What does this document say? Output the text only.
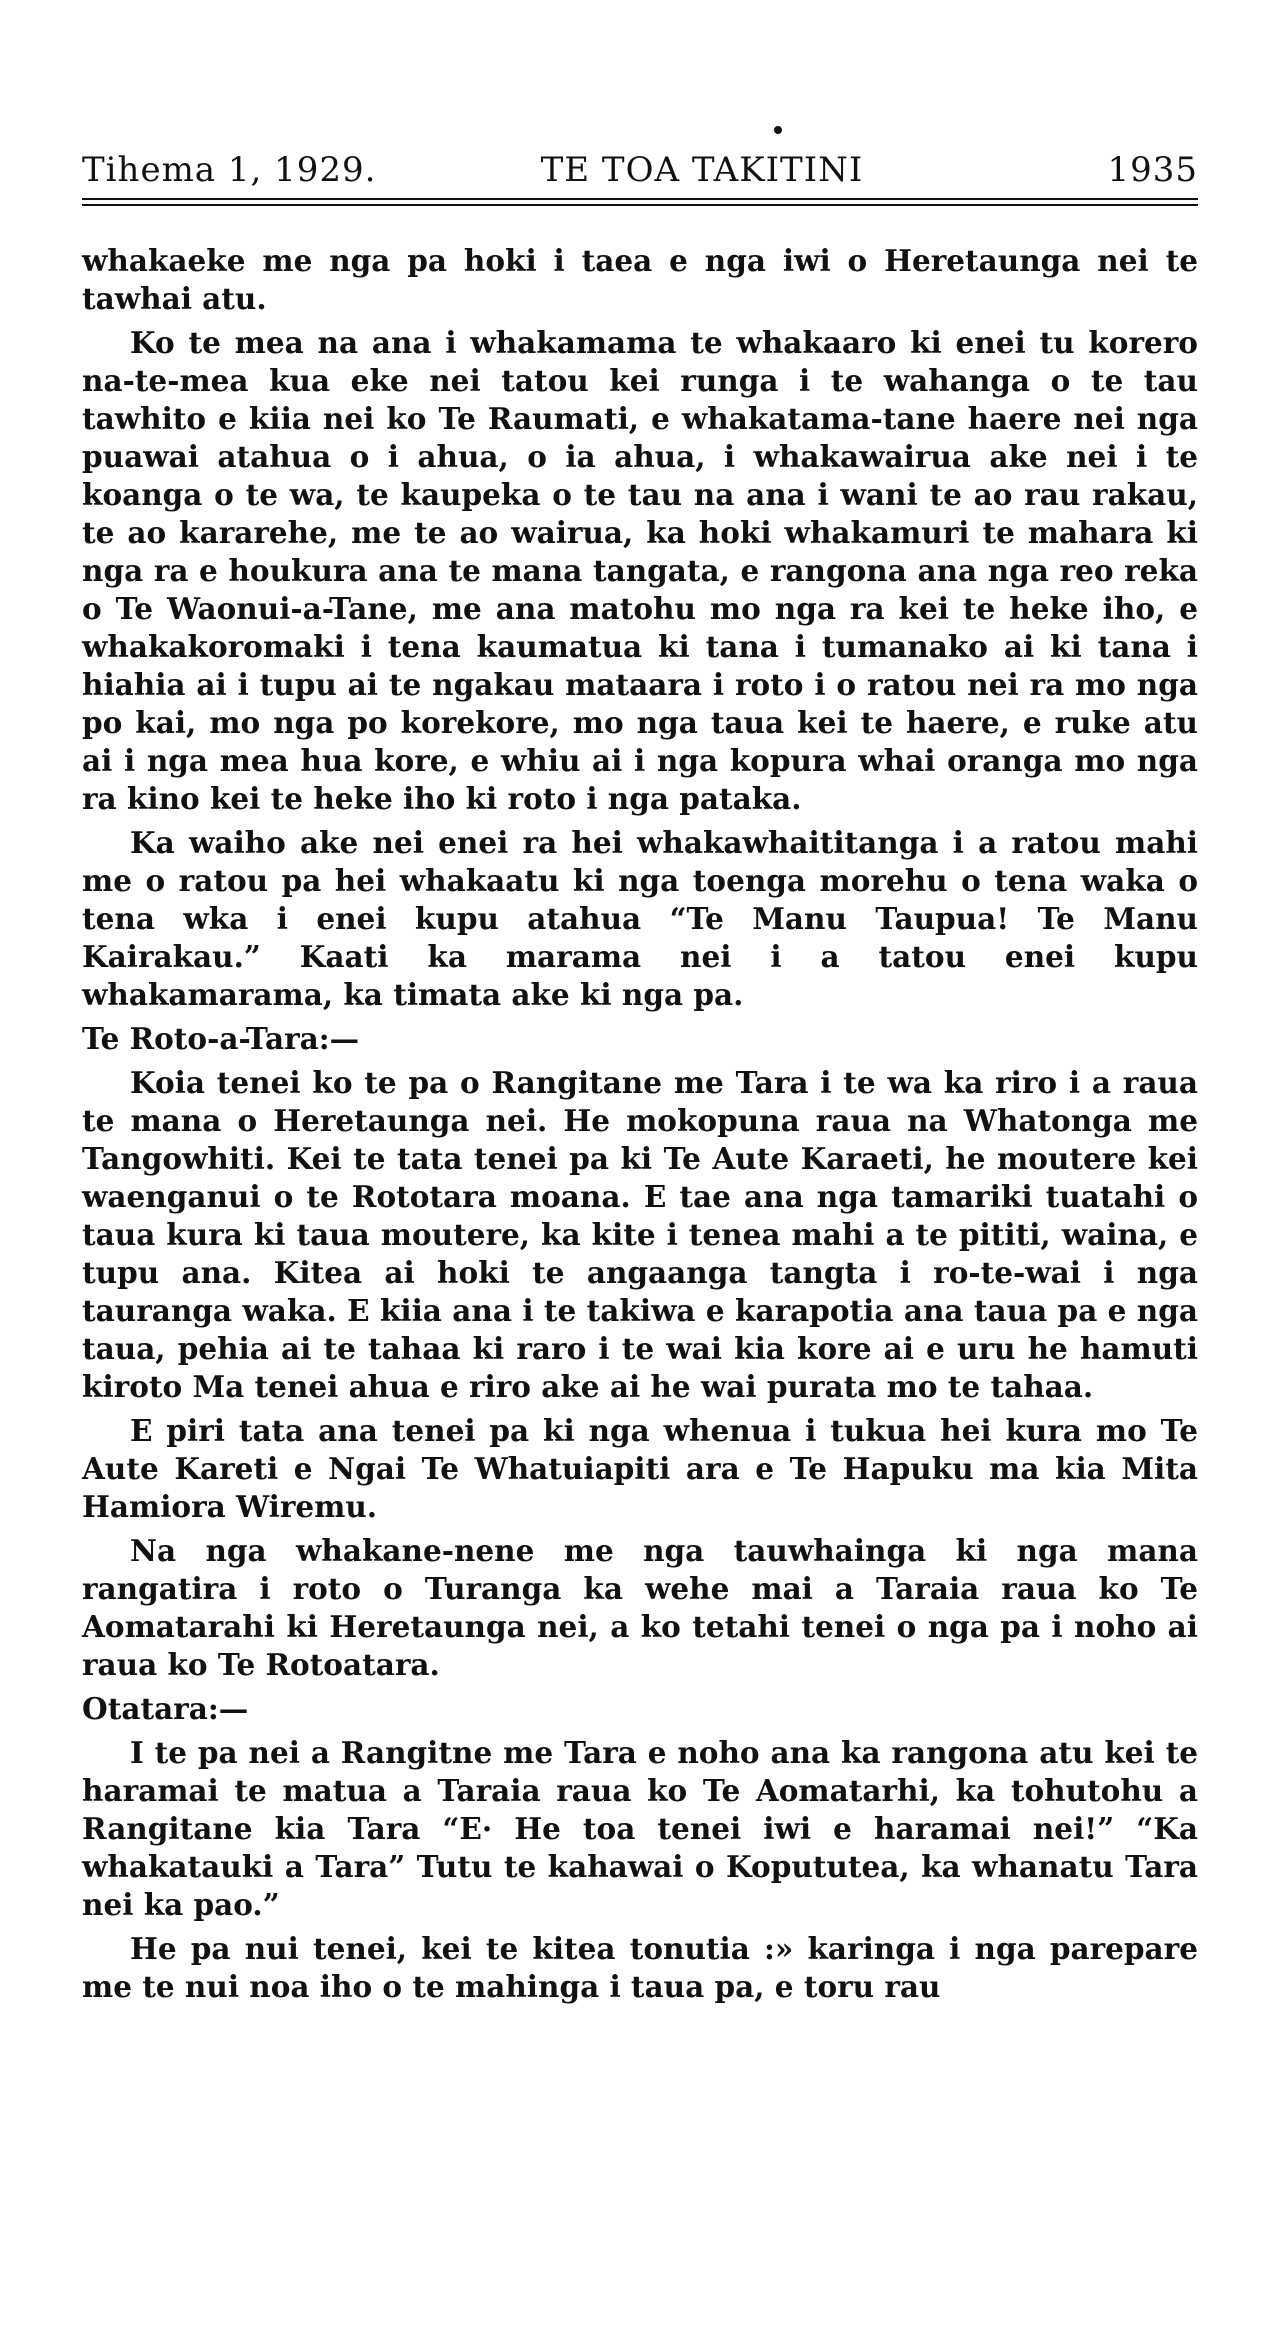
Tihema 1, 1929.	TE TOA TAKITINI	1935

whakaeke me nga pa hoki i taea e nga iwi o Heretaunga nei te tawhai atu.

Ko te mea na ana i whakamama te whakaaro ki enei tu korero na-te-mea kua eke nei tatou kei runga i te wahanga o te tau tawhito e kiia nei ko Te Raumati, e whakatama-tane haere nei nga puawai atahua o i ahua, o ia ahua, i whakawairua ake nei i te koanga o te wa, te kaupeka o te tau na ana i wani te ao rau rakau, te ao kararehe, me te ao wairua, ka hoki whakamuri te mahara ki nga ra e houkura ana te mana tangata, e rangona ana nga reo reka o Te Waonui-a-Tane, me ana matohu mo nga ra kei te heke iho, e whakakoromaki i tena kaumatua ki tana i tumanako ai ki tana i hiahia ai i tupu ai te ngakau mataara i roto i o ratou nei ra mo nga po kai, mo nga po korekore, mo nga taua kei te haere, e ruke atu ai i nga mea hua kore, e whiu ai i nga kopura whai oranga mo nga ra kino kei te heke iho ki roto i nga pataka.

Ka waiho ake nei enei ra hei whakawhaititanga i a ratou mahi me o ratou pa hei whakaatu ki nga toenga morehu o tena waka o tena wka i enei kupu atahua “Te Manu Taupua! Te Manu Kairakau.” Kaati ka marama nei i a tatou enei kupu whakamarama, ka timata ake ki nga pa.

Te Roto-a-Tara:—

Koia tenei ko te pa o Rangitane me Tara i te wa ka riro i a raua te mana o Heretaunga nei. He mokopuna raua na Whatonga me Tangowhiti. Kei te tata tenei pa ki Te Aute Karaeti, he moutere kei waenganui o te Rototara moana. E tae ana nga tamariki tuatahi o taua kura ki taua moutere, ka kite i tenea mahi a te pititi, waina, e tupu ana. Kitea ai hoki te angaanga tangta i ro-te-wai i nga tauranga waka. E kiia ana i te takiwa e karapotia ana taua pa e nga taua, pehia ai te tahaa ki raro i te wai kia kore ai e uru he hamuti kiroto Ma tenei ahua e riro ake ai he wai purata mo te tahaa.

E piri tata ana tenei pa ki nga whenua i tukua hei kura mo Te Aute Kareti e Ngai Te Whatuiapiti ara e Te Hapuku ma kia Mita Hamiora Wiremu.

Na nga whakane-nene me nga tauwhainga ki nga mana rangatira i roto o Turanga ka wehe mai a Taraia raua ko Te Aomatarahi ki Heretaunga nei, a ko tetahi tenei o nga pa i noho ai raua ko Te Rotoatara.

Otatara:—

I te pa nei a Rangitne me Tara e noho ana ka rangona atu kei te haramai te matua a Taraia raua ko Te Aomatarhi, ka tohutohu a Rangitane kia Tara “E· He toa tenei iwi e haramai nei!” “Ka whakatauki a Tara” Tutu te kahawai o Kopututea, ka whanatu Tara nei ka pao.”

He pa nui tenei, kei te kitea tonutia :» karinga i nga parepare me te nui noa iho o te mahinga i taua pa, e toru rau
